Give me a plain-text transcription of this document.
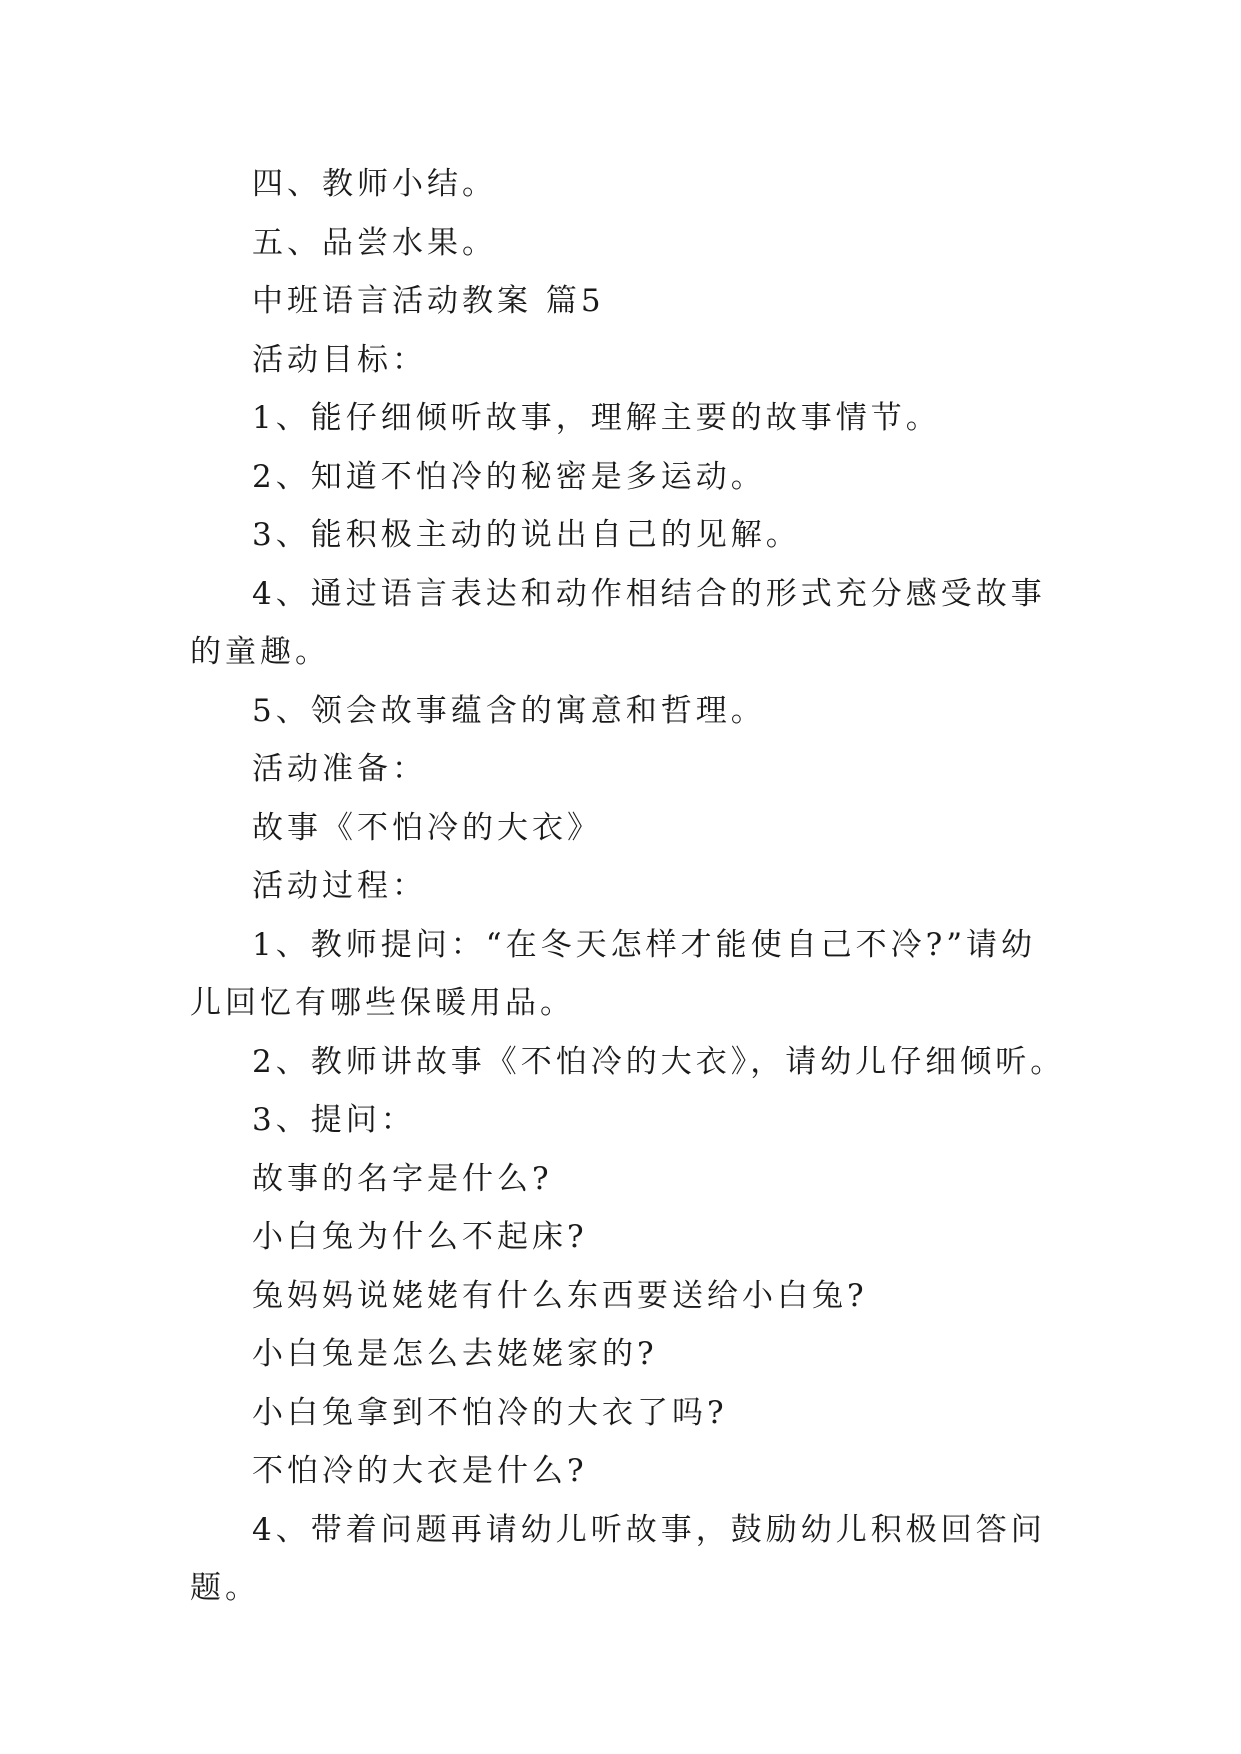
四、教师小结。

五、品尝水果。

中班语言活动教案 篇5

活动目标：

1、能仔细倾听故事，理解主要的故事情节。

2、知道不怕冷的秘密是多运动。

3、能积极主动的说出自己的见解。

4、通过语言表达和动作相结合的形式充分感受故事的童趣。

5、领会故事蕴含的寓意和哲理。

活动准备：

故事《不怕冷的大衣》

活动过程：

1、教师提问：“在冬天怎样才能使自己不冷?”请幼儿回忆有哪些保暖用品。

2、教师讲故事《不怕冷的大衣》，请幼儿仔细倾听。

3、提问：

故事的名字是什么?

小白兔为什么不起床?

兔妈妈说姥姥有什么东西要送给小白兔?

小白兔是怎么去姥姥家的?

小白兔拿到不怕冷的大衣了吗?

不怕冷的大衣是什么?

4、带着问题再请幼儿听故事，鼓励幼儿积极回答问题。
